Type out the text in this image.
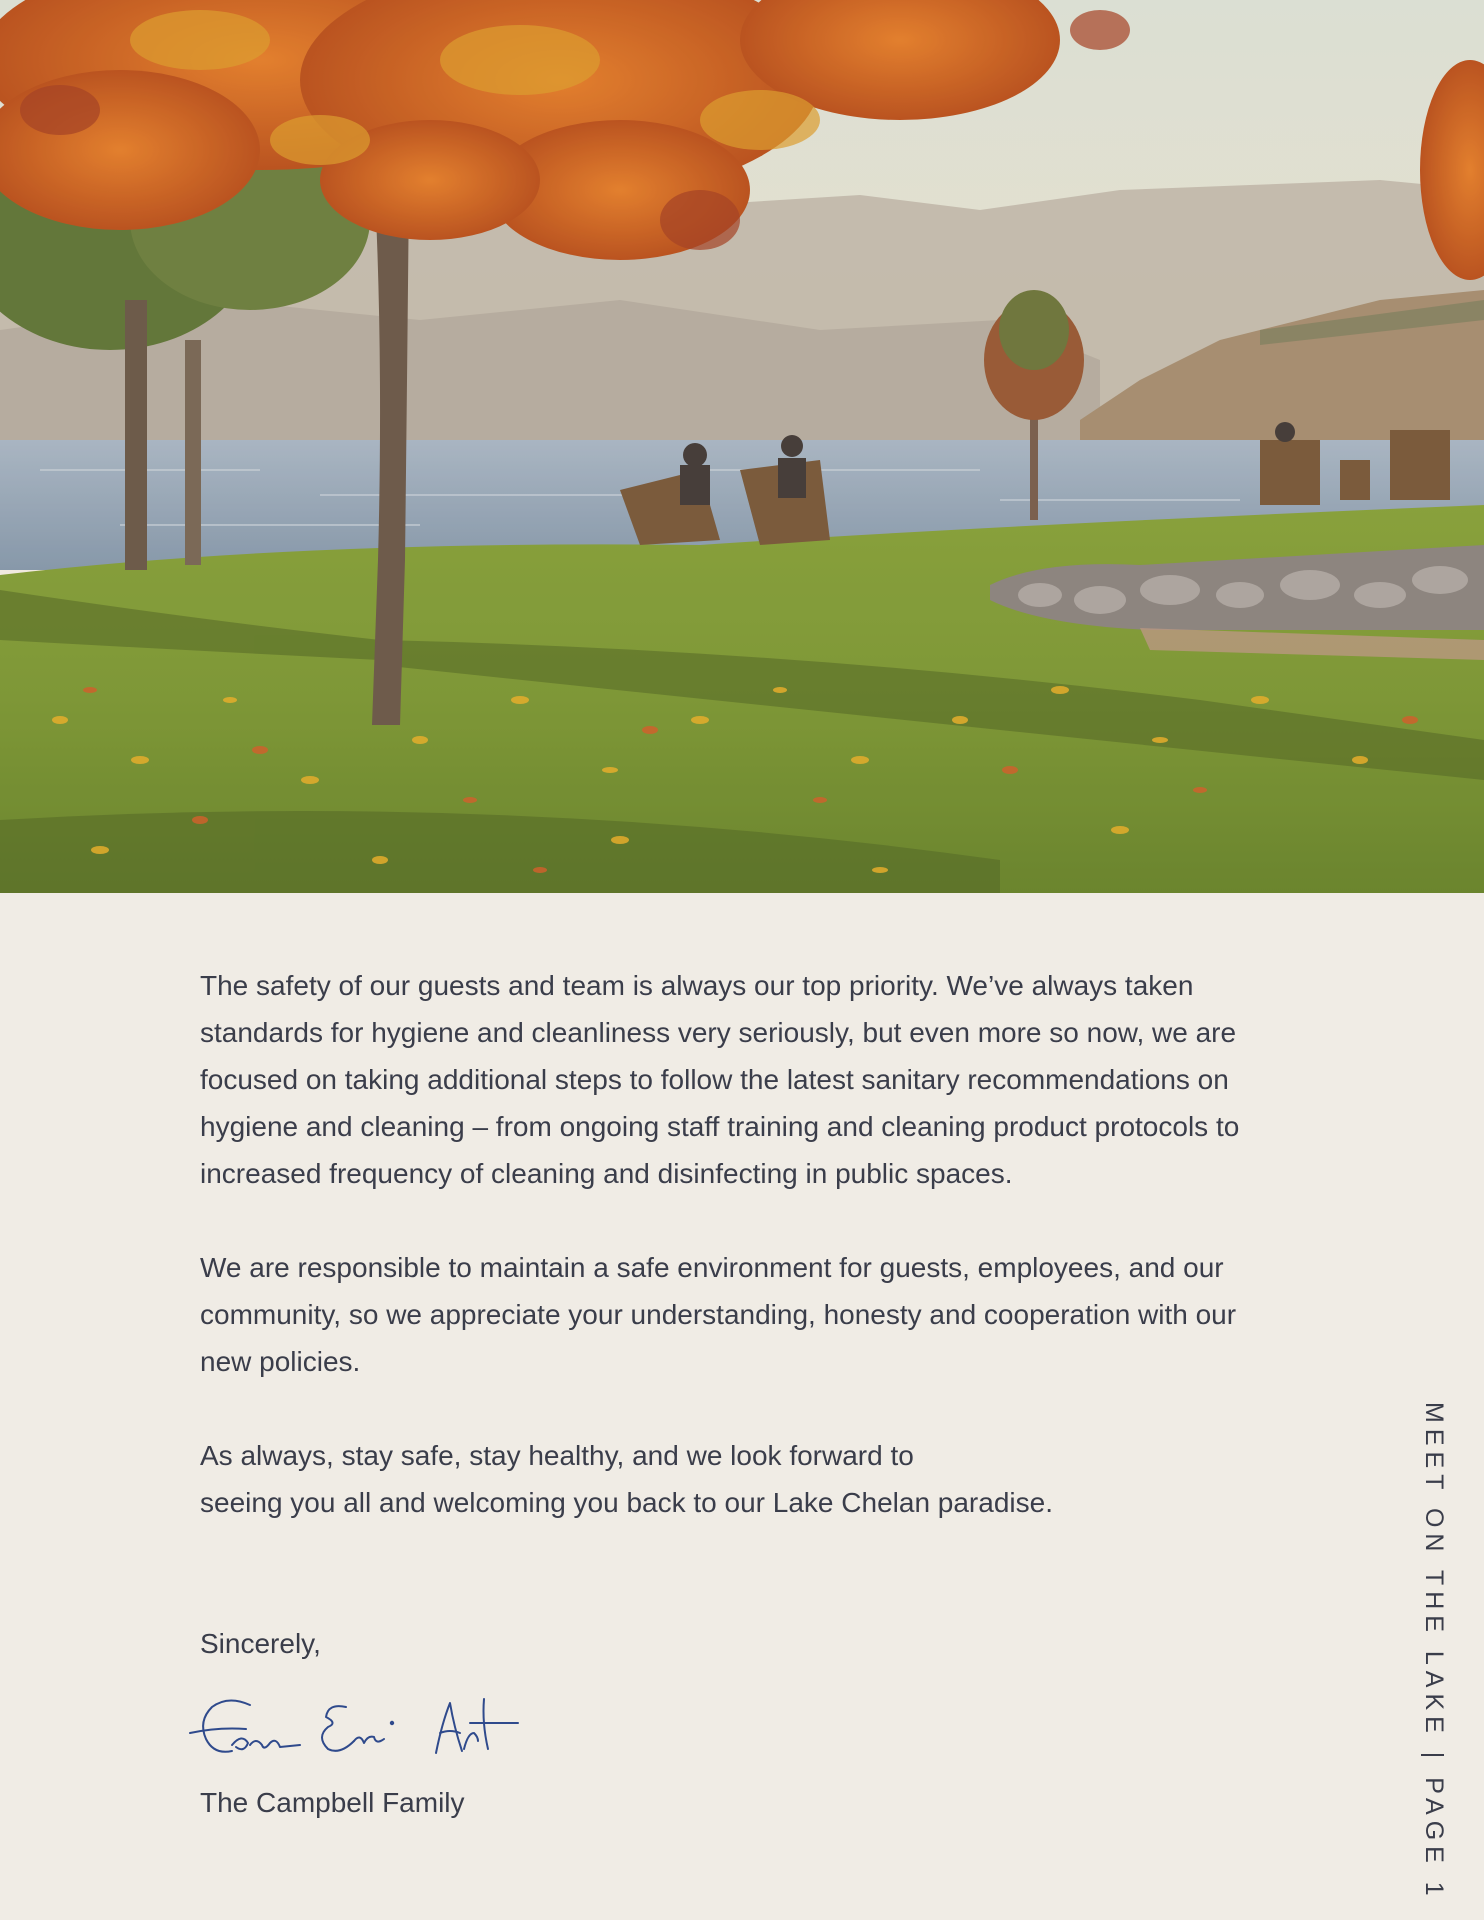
The safety of our guests and team is always our top priority. We’ve always taken standards for hygiene and cleanliness very seriously, but even more so now, we are focused on taking additional steps to follow the latest sanitary recommendations on hygiene and cleaning – from ongoing staff training and cleaning product protocols to increased frequency of cleaning and disinfecting in public spaces.

We are responsible to maintain a safe environment for guests, employees, and our community, so we appreciate your understanding, honesty and cooperation with our new policies.

As always, stay safe, stay healthy, and we look forward to
seeing you all and welcoming you back to our Lake Chelan paradise.

Sincerely,
The Campbell Family	MEET ON THE LAKE | PAGE 1
